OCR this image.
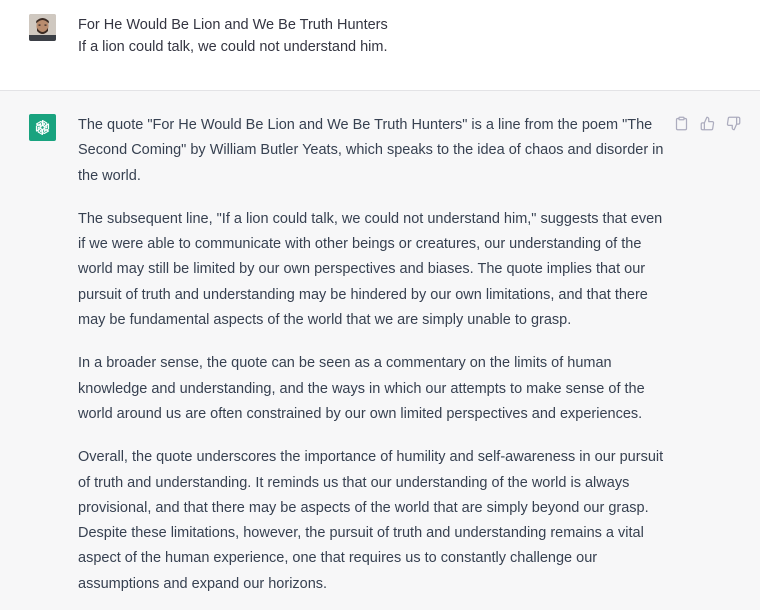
For He Would Be Lion and We Be Truth Hunters
If a lion could talk, we could not understand him.

The quote "For He Would Be Lion and We Be Truth Hunters" is a line from the poem "The Second Coming" by William Butler Yeats, which speaks to the idea of chaos and disorder in the world.

The subsequent line, "If a lion could talk, we could not understand him," suggests that even if we were able to communicate with other beings or creatures, our understanding of the world may still be limited by our own perspectives and biases. The quote implies that our pursuit of truth and understanding may be hindered by our own limitations, and that there may be fundamental aspects of the world that we are simply unable to grasp.

In a broader sense, the quote can be seen as a commentary on the limits of human knowledge and understanding, and the ways in which our attempts to make sense of the world around us are often constrained by our own limited perspectives and experiences.

Overall, the quote underscores the importance of humility and self-awareness in our pursuit of truth and understanding. It reminds us that our understanding of the world is always provisional, and that there may be aspects of the world that are simply beyond our grasp. Despite these limitations, however, the pursuit of truth and understanding remains a vital aspect of the human experience, one that requires us to constantly challenge our assumptions and expand our horizons.
